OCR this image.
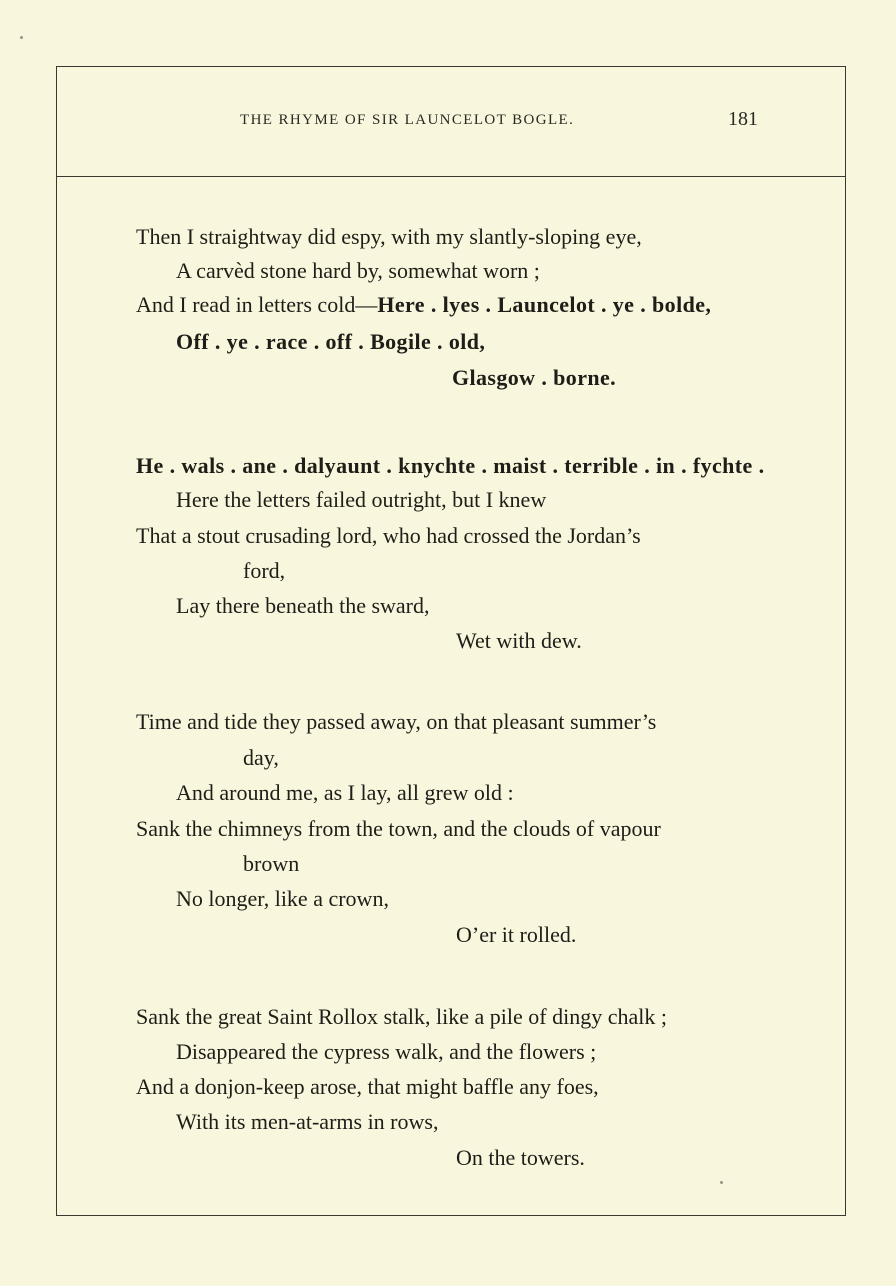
THE RHYME OF SIR LAUNCELOT BOGLE.	181
Then I straightway did espy, with my slantly-sloping eye,
A carvèd stone hard by, somewhat worn ;
And I read in letters cold—Here . lyes . Launcelot . ye . bolde,
Off . ye . race . off . Bogile . old,
Glasgow . borne.
He . wals . ane . dalyaunt . knychte . maist . terrible . in . fychte .
Here the letters failed outright, but I knew
That a stout crusading lord, who had crossed the Jordan’s
ford,
Lay there beneath the sward,
Wet with dew.
Time and tide they passed away, on that pleasant summer’s
day,
And around me, as I lay, all grew old :
Sank the chimneys from the town, and the clouds of vapour
brown
No longer, like a crown,
O’er it rolled.
Sank the great Saint Rollox stalk, like a pile of dingy chalk ;
Disappeared the cypress walk, and the flowers ;
And a donjon-keep arose, that might baffle any foes,
With its men-at-arms in rows,
On the towers.
